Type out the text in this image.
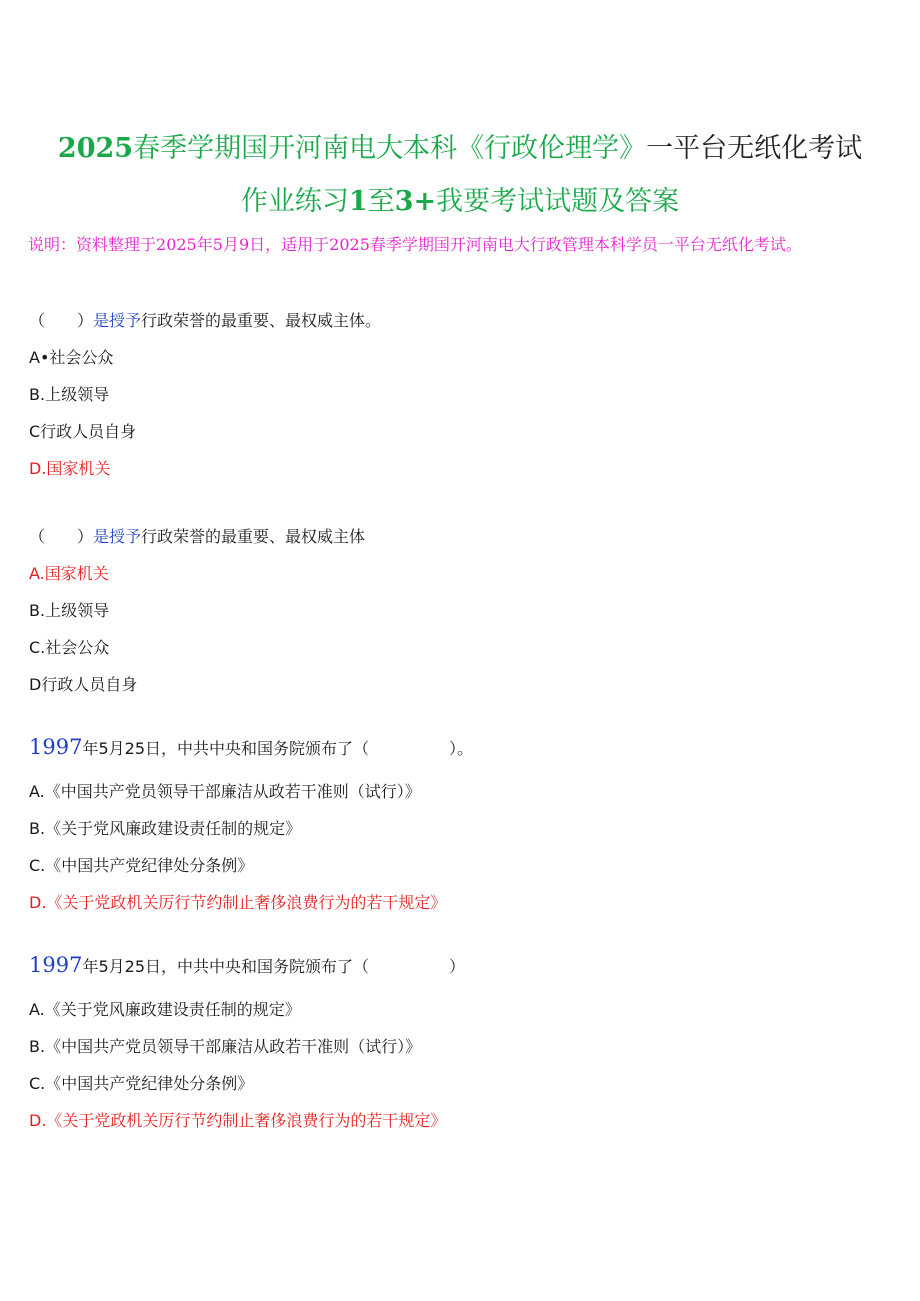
2025春季学期国开河南电大本科《行政伦理学》一平台无纸化考试
作业练习1至3+我要考试试题及答案
说明：资料整理于2025年5月9日，适用于2025春季学期国开河南电大行政管理本科学员一平台无纸化考试。
（　　）是授予行政荣誉的最重要、最权威主体。
A•社会公众
B.上级领导
C行政人员自身
D.国家机关
（　　）是授予行政荣誉的最重要、最权威主体
A.国家机关
B.上级领导
C.社会公众
D行政人员自身
1997年5月25日，中共中央和国务院颁布了（　　　　　）。
A.《中国共产党员领导干部廉洁从政若干准则（试行）》
B.《关于党风廉政建设责任制的规定》
C.《中国共产党纪律处分条例》
D.《关于党政机关厉行节约制止奢侈浪费行为的若干规定》
1997年5月25日，中共中央和国务院颁布了（　　　　　）
A.《关于党风廉政建设责任制的规定》
B.《中国共产党员领导干部廉洁从政若干准则（试行）》
C.《中国共产党纪律处分条例》
D.《关于党政机关厉行节约制止奢侈浪费行为的若干规定》
